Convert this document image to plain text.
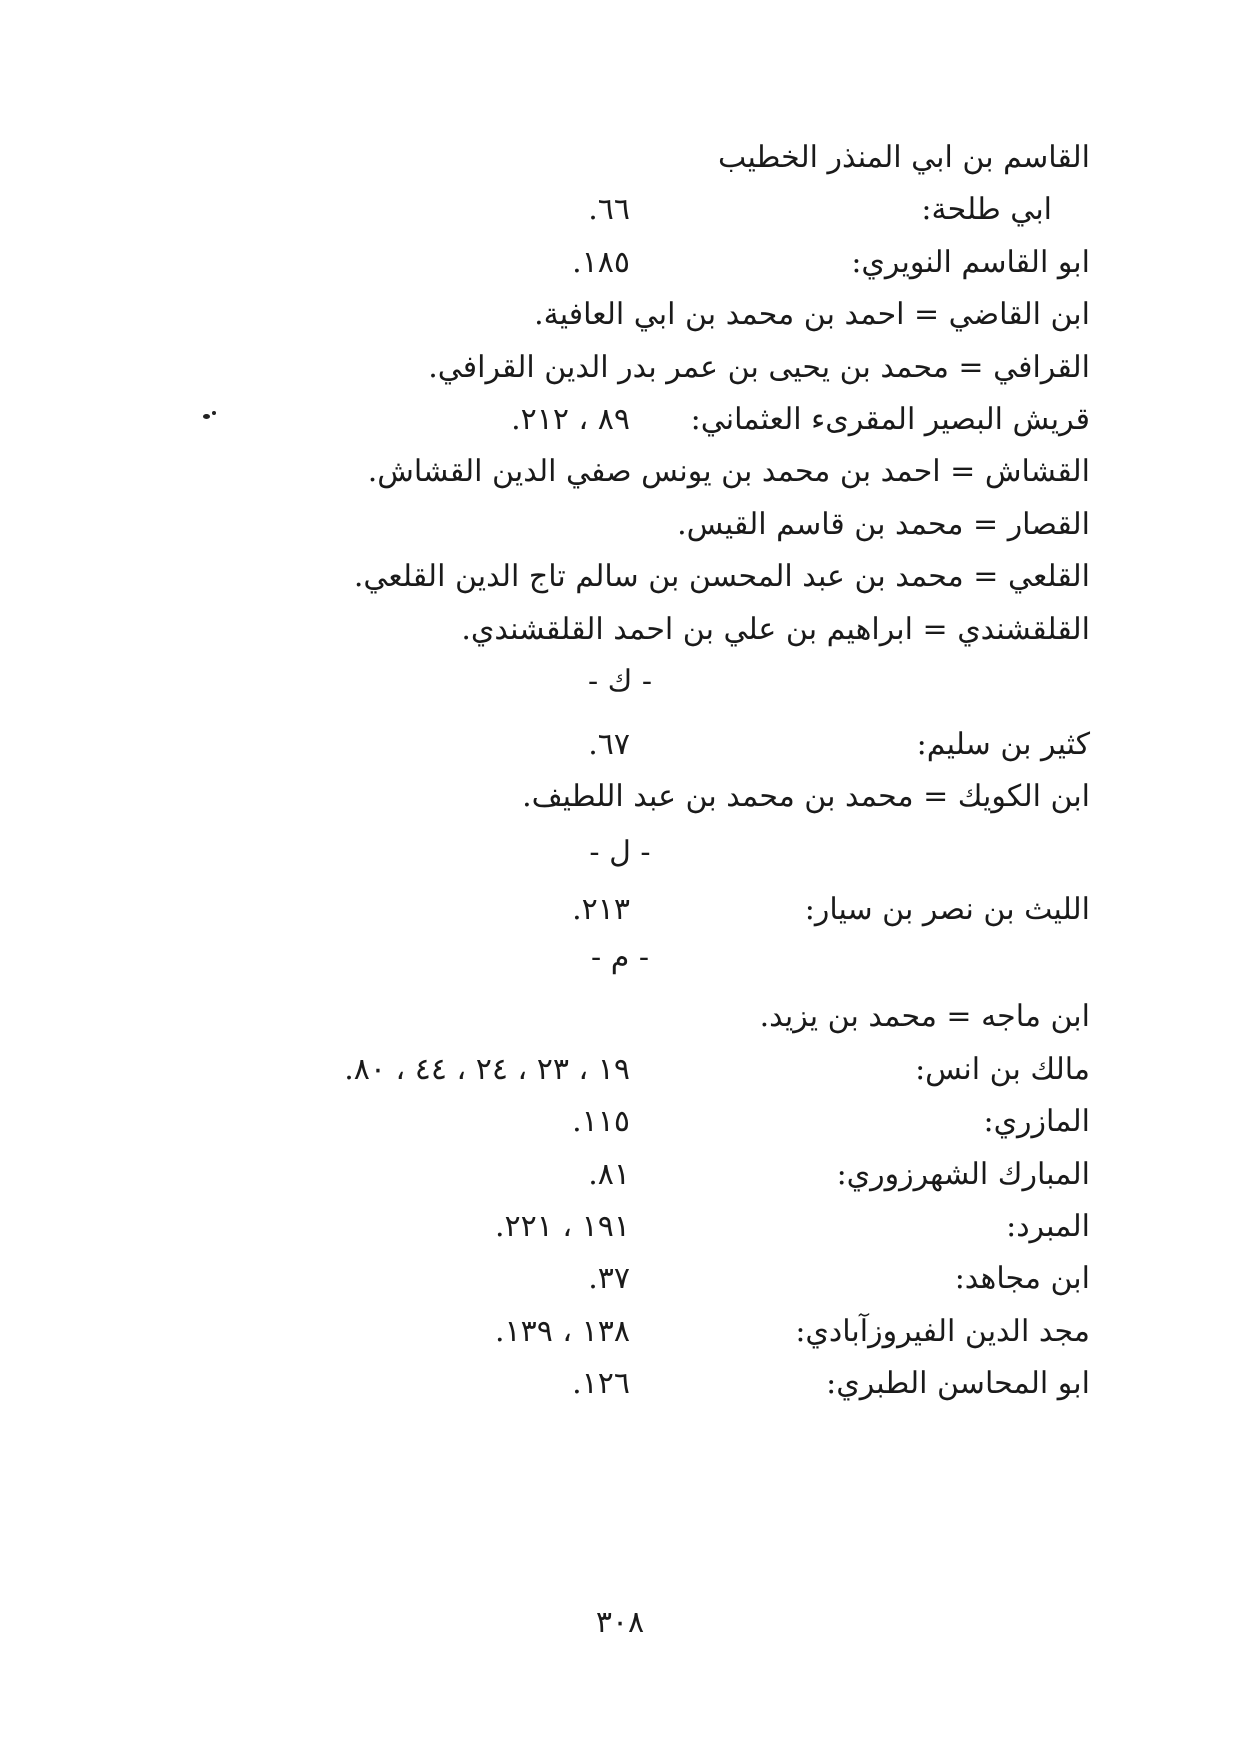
القاسم بن ابي المنذر الخطيب
ابي طلحة:
٦٦.
ابو القاسم النويري:
١٨٥.
ابن القاضي = احمد بن محمد بن ابي العافية.
القرافي = محمد بن يحيى بن عمر بدر الدين القرافي.
قريش البصير المقرىء العثماني:
٨٩ ، ٢١٢.
القشاش = احمد بن محمد بن يونس صفي الدين القشاش.
القصار = محمد بن قاسم القيس.
القلعي = محمد بن عبد المحسن بن سالم تاج الدين القلعي.
القلقشندي = ابراهيم بن علي بن احمد القلقشندي.
- ك -
كثير بن سليم:
٦٧.
ابن الكويك = محمد بن محمد بن عبد اللطيف.
- ل -
الليث بن نصر بن سيار:
٢١٣.
- م -
ابن ماجه = محمد بن يزيد.
مالك بن انس:
١٩ ، ٢٣ ، ٢٤ ، ٤٤ ، ٨٠.
المازري:
١١٥.
المبارك الشهرزوري:
٨١.
المبرد:
١٩١ ، ٢٢١.
ابن مجاهد:
٣٧.
مجد الدين الفيروزآبادي:
١٣٨ ، ١٣٩.
ابو المحاسن الطبري:
١٢٦.
٣٠٨
